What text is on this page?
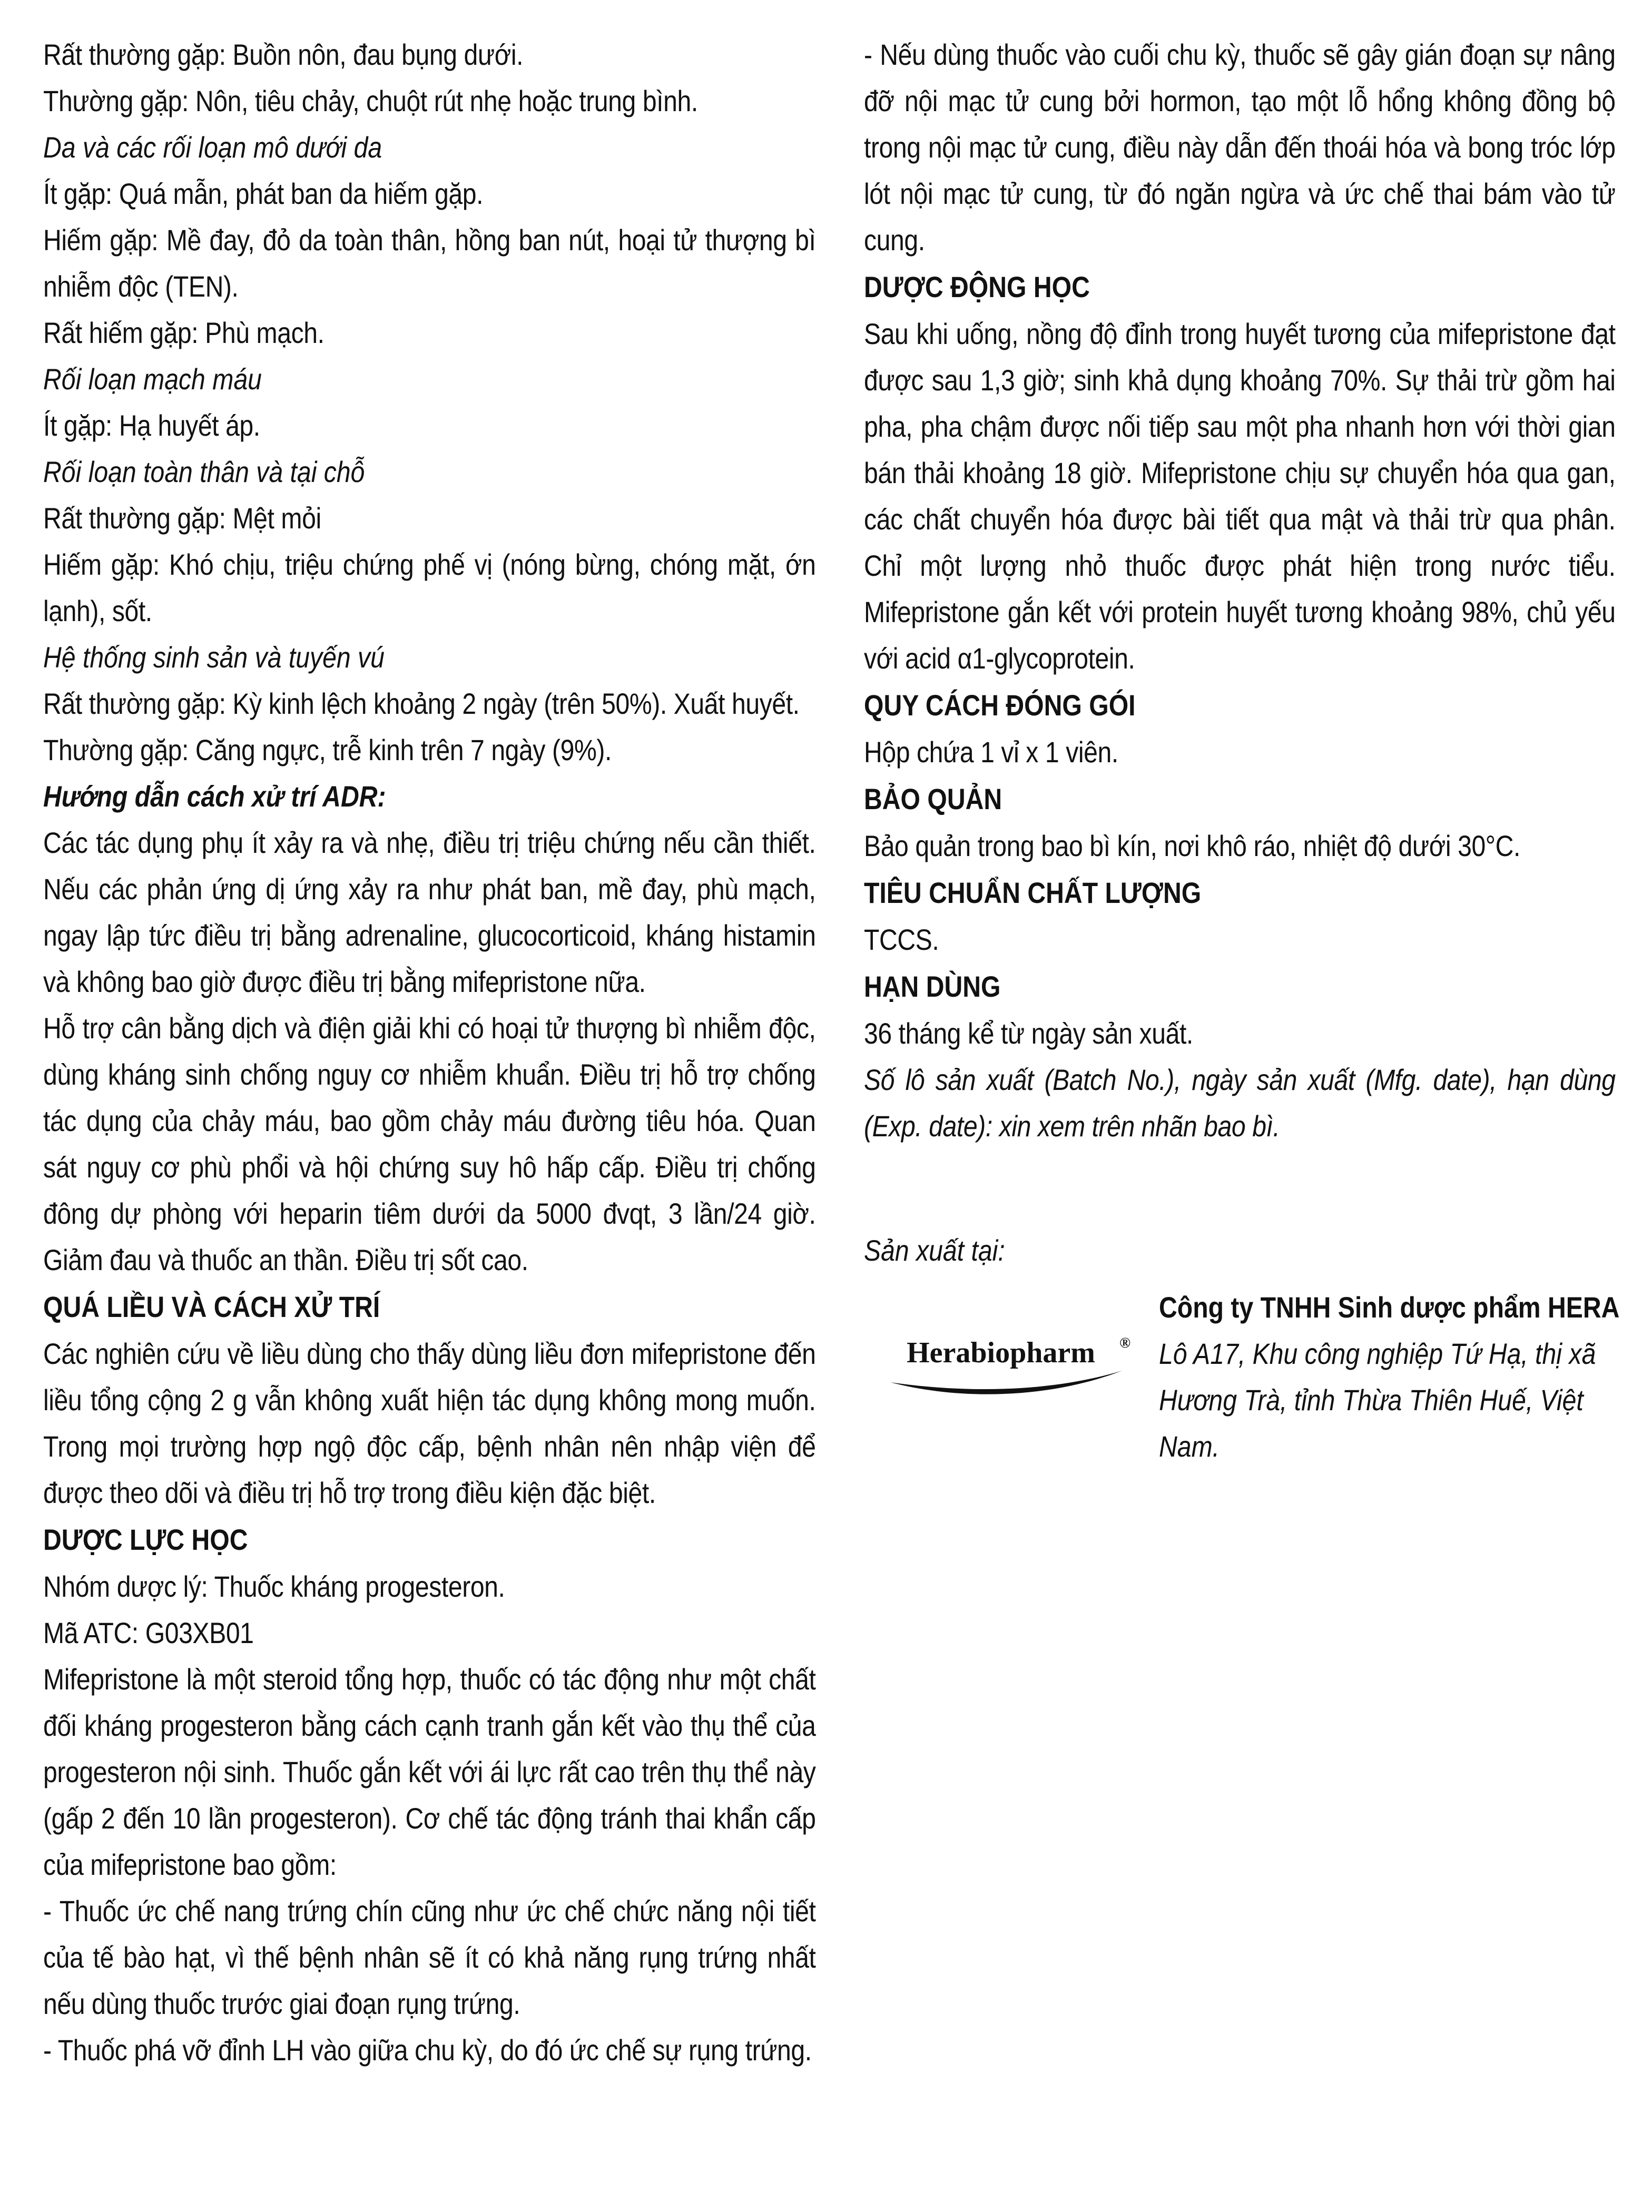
Rất thường gặp: Buồn nôn, đau bụng dưới.

Thường gặp: Nôn, tiêu chảy, chuột rút nhẹ hoặc trung bình.

Da và các rối loạn mô dưới da

Ít gặp: Quá mẫn, phát ban da hiếm gặp.

Hiếm gặp: Mề đay, đỏ da toàn thân, hồng ban nút, hoại tử thượng bì nhiễm độc (TEN).

Rất hiếm gặp: Phù mạch.

Rối loạn mạch máu

Ít gặp: Hạ huyết áp.

Rối loạn toàn thân và tại chỗ

Rất thường gặp: Mệt mỏi

Hiếm gặp: Khó chịu, triệu chứng phế vị (nóng bừng, chóng mặt, ớn lạnh), sốt.

Hệ thống sinh sản và tuyến vú

Rất thường gặp: Kỳ kinh lệch khoảng 2 ngày (trên 50%). Xuất huyết.

Thường gặp: Căng ngực, trễ kinh trên 7 ngày (9%).

Hướng dẫn cách xử trí ADR:

Các tác dụng phụ ít xảy ra và nhẹ, điều trị triệu chứng nếu cần thiết. Nếu các phản ứng dị ứng xảy ra như phát ban, mề đay, phù mạch, ngay lập tức điều trị bằng adrenaline, glucocorticoid, kháng histamin và không bao giờ được điều trị bằng mifepristone nữa.

Hỗ trợ cân bằng dịch và điện giải khi có hoại tử thượng bì nhiễm độc, dùng kháng sinh chống nguy cơ nhiễm khuẩn. Điều trị hỗ trợ chống tác dụng của chảy máu, bao gồm chảy máu đường tiêu hóa. Quan sát nguy cơ phù phổi và hội chứng suy hô hấp cấp. Điều trị chống đông dự phòng với heparin tiêm dưới da 5000 đvqt, 3 lần/24 giờ. Giảm đau và thuốc an thần. Điều trị sốt cao.

QUÁ LIỀU VÀ CÁCH XỬ TRÍ

Các nghiên cứu về liều dùng cho thấy dùng liều đơn mifepristone đến liều tổng cộng 2 g vẫn không xuất hiện tác dụng không mong muốn. Trong mọi trường hợp ngộ độc cấp, bệnh nhân nên nhập viện để được theo dõi và điều trị hỗ trợ trong điều kiện đặc biệt.

DƯỢC LỰC HỌC

Nhóm dược lý: Thuốc kháng progesteron.

Mã ATC: G03XB01

Mifepristone là một steroid tổng hợp, thuốc có tác động như một chất đối kháng progesteron bằng cách cạnh tranh gắn kết vào thụ thể của progesteron nội sinh. Thuốc gắn kết với ái lực rất cao trên thụ thể này (gấp 2 đến 10 lần progesteron). Cơ chế tác động tránh thai khẩn cấp của mifepristone bao gồm:

- Thuốc ức chế nang trứng chín cũng như ức chế chức năng nội tiết của tế bào hạt, vì thế bệnh nhân sẽ ít có khả năng rụng trứng nhất nếu dùng thuốc trước giai đoạn rụng trứng.

- Thuốc phá vỡ đỉnh LH vào giữa chu kỳ, do đó ức chế sự rụng trứng.

- Nếu dùng thuốc vào cuối chu kỳ, thuốc sẽ gây gián đoạn sự nâng đỡ nội mạc tử cung bởi hormon, tạo một lỗ hổng không đồng bộ trong nội mạc tử cung, điều này dẫn đến thoái hóa và bong tróc lớp lót nội mạc tử cung, từ đó ngăn ngừa và ức chế thai bám vào tử cung.

DƯỢC ĐỘNG HỌC

Sau khi uống, nồng độ đỉnh trong huyết tương của mifepristone đạt được sau 1,3 giờ; sinh khả dụng khoảng 70%. Sự thải trừ gồm hai pha, pha chậm được nối tiếp sau một pha nhanh hơn với thời gian bán thải khoảng 18 giờ. Mifepristone chịu sự chuyển hóa qua gan, các chất chuyển hóa được bài tiết qua mật và thải trừ qua phân. Chỉ một lượng nhỏ thuốc được phát hiện trong nước tiểu. Mifepristone gắn kết với protein huyết tương khoảng 98%, chủ yếu với acid α1-glycoprotein.

QUY CÁCH ĐÓNG GÓI

Hộp chứa 1 vỉ x 1 viên.

BẢO QUẢN

Bảo quản trong bao bì kín, nơi khô ráo, nhiệt độ dưới 30°C.

TIÊU CHUẨN CHẤT LƯỢNG

TCCS.

HẠN DÙNG

36 tháng kể từ ngày sản xuất.

Số lô sản xuất (Batch No.), ngày sản xuất (Mfg. date), hạn dùng (Exp. date): xin xem trên nhãn bao bì.

Sản xuất tại:

Herabiopharm	®

Công ty TNHH Sinh dược phẩm HERA

Lô A17, Khu công nghiệp Tứ Hạ, thị xã Hương Trà, tỉnh Thừa Thiên Huế, Việt Nam.
